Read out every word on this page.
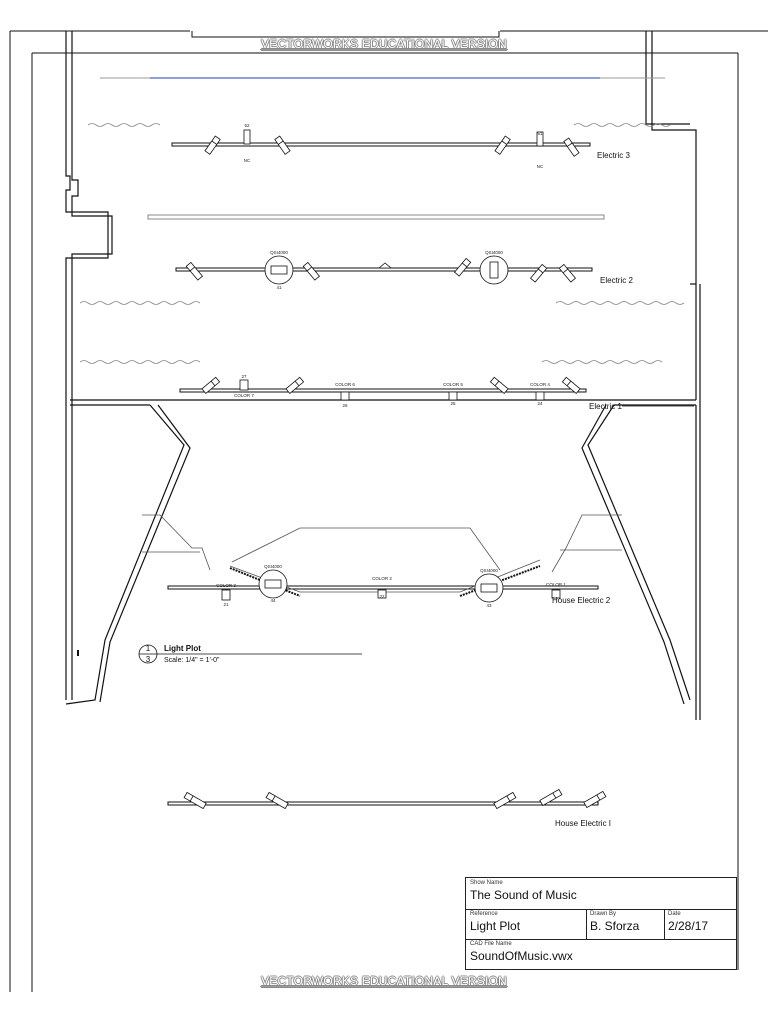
VECTORWORKS EDUCATIONAL VERSION
VECTORWORKS EDUCATIONAL VERSION
52
NC
51
NC
QSI4000
41
QSI4000
27
COLOR 7
COLOR 6
26
COLOR 5
25
COLOR 4
24
COLOR 3
21
QSI4000
44
COLOR 2
22
QSI4000
43
COLOR 1
Electric 3
Electric 2
Electric 1
House Electric 2
House Electric I
1
3
Light Plot
Scale: 1/4" = 1'-0"
Show Name
The Sound of Music
Reference
Light Plot
Drawn By
B. Sforza
Date
2/28/17
CAD File Name
SoundOfMusic.vwx
